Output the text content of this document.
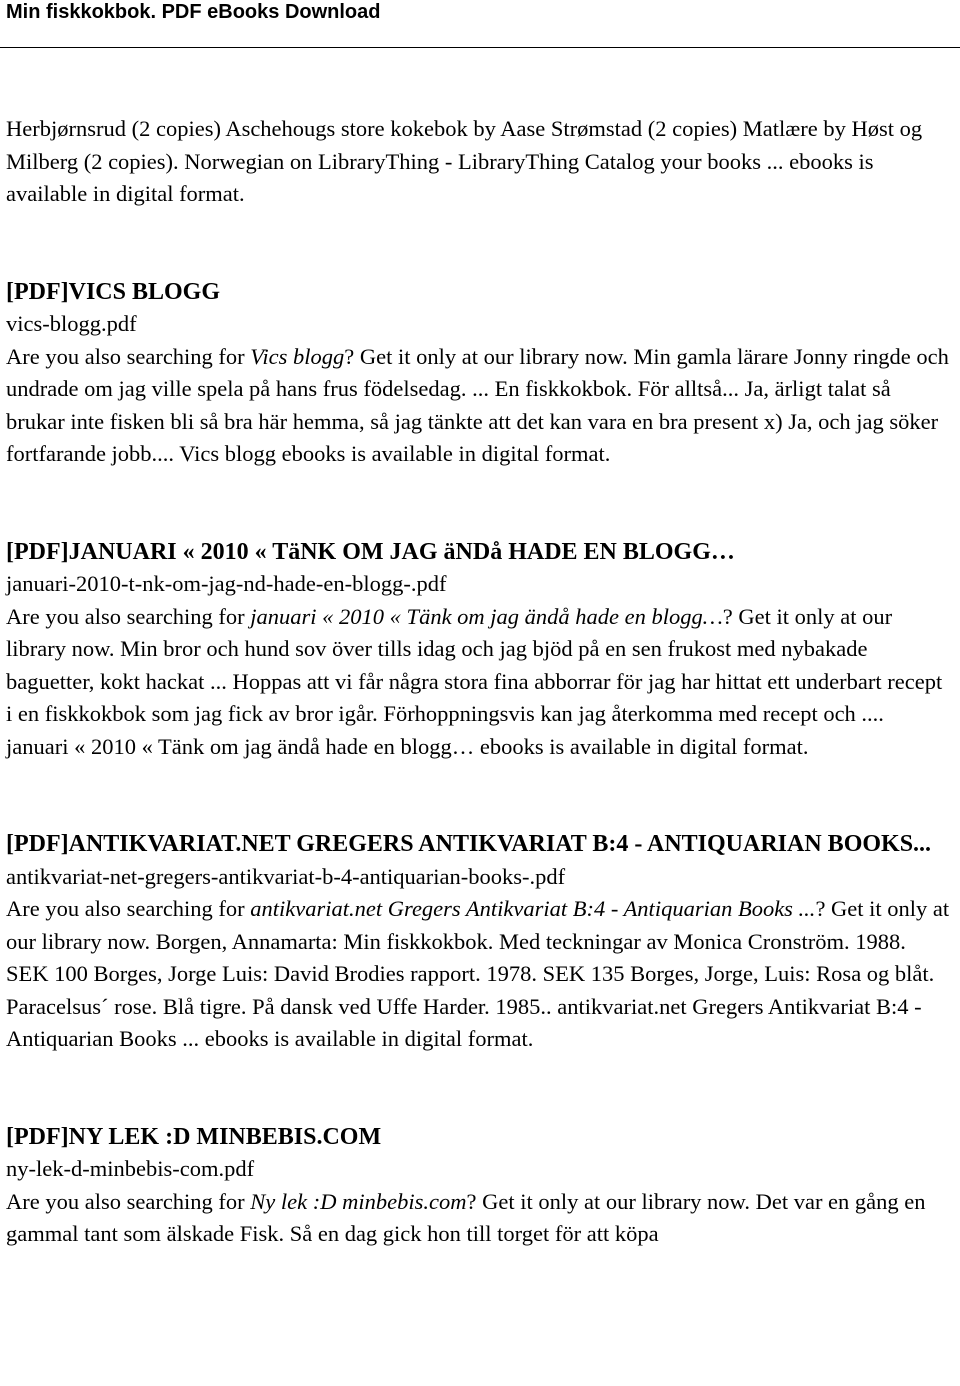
Min fiskkokbok. PDF eBooks Download

Herbjørnsrud (2 copies) Aschehougs store kokebok by Aase Strømstad (2 copies) Matlære by Høst og Milberg (2 copies). Norwegian on LibraryThing - LibraryThing Catalog your books ... ebooks is available in digital format.

[PDF]VICS BLOGG

vics-blogg.pdf

Are you also searching for Vics blogg? Get it only at our library now. Min gamla lärare Jonny ringde och undrade om jag ville spela på hans frus födelsedag. ... En fiskkokbok. För alltså... Ja, ärligt talat så brukar inte fisken bli så bra här hemma, så jag tänkte att det kan vara en bra present x) Ja, och jag söker fortfarande jobb.... Vics blogg ebooks is available in digital format.

[PDF]JANUARI « 2010 « TäNK OM JAG äNDå HADE EN BLOGG…

januari-2010-t-nk-om-jag-nd-hade-en-blogg-.pdf

Are you also searching for januari « 2010 « Tänk om jag ändå hade en blogg…? Get it only at our library now. Min bror och hund sov över tills idag och jag bjöd på en sen frukost med nybakade baguetter, kokt hackat ... Hoppas att vi får några stora fina abborrar för jag har hittat ett underbart recept i en fiskkokbok som jag fick av bror igår. Förhoppningsvis kan jag återkomma med recept och .... januari « 2010 « Tänk om jag ändå hade en blogg… ebooks is available in digital format.

[PDF]ANTIKVARIAT.NET GREGERS ANTIKVARIAT B:4 - ANTIQUARIAN BOOKS...

antikvariat-net-gregers-antikvariat-b-4-antiquarian-books-.pdf

Are you also searching for antikvariat.net Gregers Antikvariat B:4 - Antiquarian Books ...? Get it only at our library now. Borgen, Annamarta: Min fiskkokbok. Med teckningar av Monica Cronström. 1988. SEK 100 Borges, Jorge Luis: David Brodies rapport. 1978. SEK 135 Borges, Jorge, Luis: Rosa og blåt. Paracelsus´ rose. Blå tigre. På dansk ved Uffe Harder. 1985.. antikvariat.net Gregers Antikvariat B:4 - Antiquarian Books ... ebooks is available in digital format.

[PDF]NY LEK :D MINBEBIS.COM

ny-lek-d-minbebis-com.pdf

Are you also searching for Ny lek :D minbebis.com? Get it only at our library now. Det var en gång en gammal tant som älskade Fisk. Så en dag gick hon till torget för att köpa
